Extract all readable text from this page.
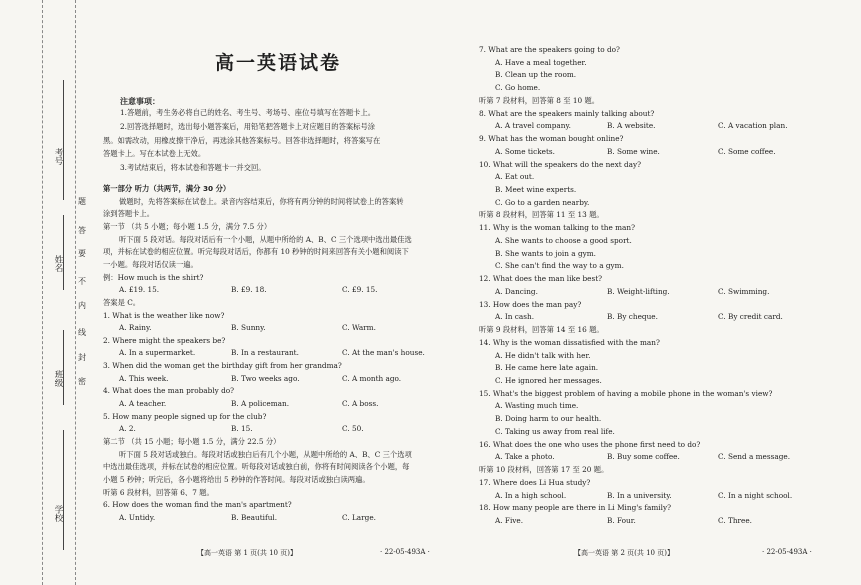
考号
姓名
班级
学校
题
答
要
不
内
线
封
密
高一英语试卷
注意事项：
1.答题前，考生务必将自己的姓名、考生号、考场号、座位号填写在答题卡上。
2.回答选择题时，选出每小题答案后，用铅笔把答题卡上对应题目的答案标号涂
黑。如需改动，用橡皮擦干净后，再选涂其他答案标号。回答非选择题时，将答案写在
答题卡上。写在本试卷上无效。
3.考试结束后，将本试卷和答题卡一并交回。
第一部分 听力（共两节，满分 30 分）
做题时，先将答案标在试卷上。录音内容结束后，你将有两分钟的时间将试卷上的答案转
涂到答题卡上。
第一节 （共 5 小题；每小题 1.5 分，满分 7.5 分）
听下面 5 段对话。每段对话后有一个小题，从题中所给的 A、B、C 三个选项中选出最佳选
项，并标在试卷的相应位置。听完每段对话后，你都有 10 秒钟的时间来回答有关小题和阅读下
一小题。每段对话仅读一遍。
例：How much is the shirt?
A. £19. 15.	B. £9. 18.	C. £9. 15.
答案是 C。
1. What is the weather like now?
A. Rainy.	B. Sunny.	C. Warm.
2. Where might the speakers be?
A. In a supermarket.	B. In a restaurant.	C. At the man's house.
3. When did the woman get the birthday gift from her grandma?
A. This week.	B. Two weeks ago.	C. A month ago.
4. What does the man probably do?
A. A teacher.	B. A policeman.	C. A boss.
5. How many people signed up for the club?
A. 2.	B. 15.	C. 50.
第二节 （共 15 小题；每小题 1.5 分，满分 22.5 分）
听下面 5 段对话或独白。每段对话或独白后有几个小题，从题中所给的 A、B、C 三个选项
中选出最佳选项，并标在试卷的相应位置。听每段对话或独白前，你将有时间阅读各个小题，每
小题 5 秒钟；听完后，各小题将给出 5 秒钟的作答时间。每段对话或独白读两遍。
听第 6 段材料，回答第 6、7 题。
6. How does the woman find the man's apartment?
A. Untidy.	B. Beautiful.	C. Large.
7. What are the speakers going to do?
A. Have a meal together.
B. Clean up the room.
C. Go home.
听第 7 段材料，回答第 8 至 10 题。
8. What are the speakers mainly talking about?
A. A travel company.	B. A website.	C. A vacation plan.
9. What has the woman bought online?
A. Some tickets.	B. Some wine.	C. Some coffee.
10. What will the speakers do the next day?
A. Eat out.
B. Meet wine experts.
C. Go to a garden nearby.
听第 8 段材料，回答第 11 至 13 题。
11. Why is the woman talking to the man?
A. She wants to choose a good sport.
B. She wants to join a gym.
C. She can't find the way to a gym.
12. What does the man like best?
A. Dancing.	B. Weight-lifting.	C. Swimming.
13. How does the man pay?
A. In cash.	B. By cheque.	C. By credit card.
听第 9 段材料，回答第 14 至 16 题。
14. Why is the woman dissatisfied with the man?
A. He didn't talk with her.
B. He came here late again.
C. He ignored her messages.
15. What's the biggest problem of having a mobile phone in the woman's view?
A. Wasting much time.
B. Doing harm to our health.
C. Taking us away from real life.
16. What does the one who uses the phone first need to do?
A. Take a photo.	B. Buy some coffee.	C. Send a message.
听第 10 段材料，回答第 17 至 20 题。
17. Where does Li Hua study?
A. In a high school.	B. In a university.	C. In a night school.
18. How many people are there in Li Ming's family?
A. Five.	B. Four.	C. Three.
【高一英语 第 1 页(共 10 页)】	· 22-05-493A ·	【高一英语 第 2 页(共 10 页)】	· 22-05-493A ·
